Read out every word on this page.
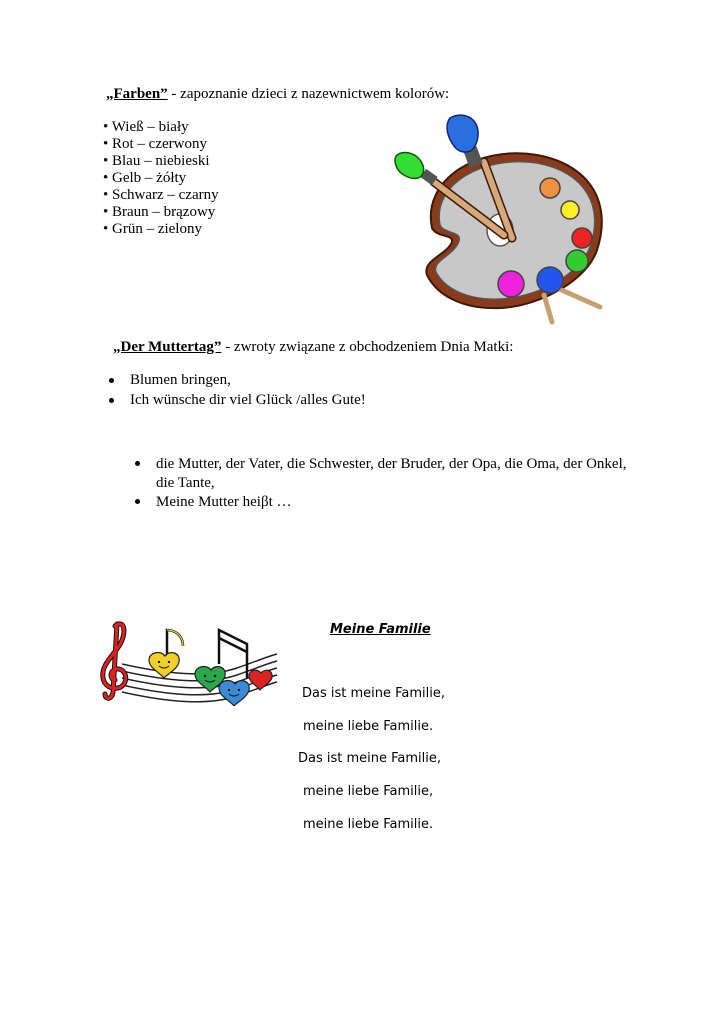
„Farben” - zapoznanie dzieci z nazewnictwem kolorów:
• Wieß – biały
• Rot – czerwony
• Blau – niebieski
• Gelb – żółty
• Schwarz – czarny
• Braun – brązowy
• Grün – zielony
„Der Muttertag” - zwroty związane z obchodzeniem Dnia Matki:
Blumen bringen,
Ich wünsche dir viel Glück /alles Gute!
die Mutter, der Vater, die Schwester, der Bruder, der Opa, die Oma, der Onkel, die Tante,
Meine Mutter heiβt …
Meine Familie
Das ist meine Familie,
meine liebe Familie.
Das ist meine Familie,
meine liebe Familie,
meine liebe Familie.
